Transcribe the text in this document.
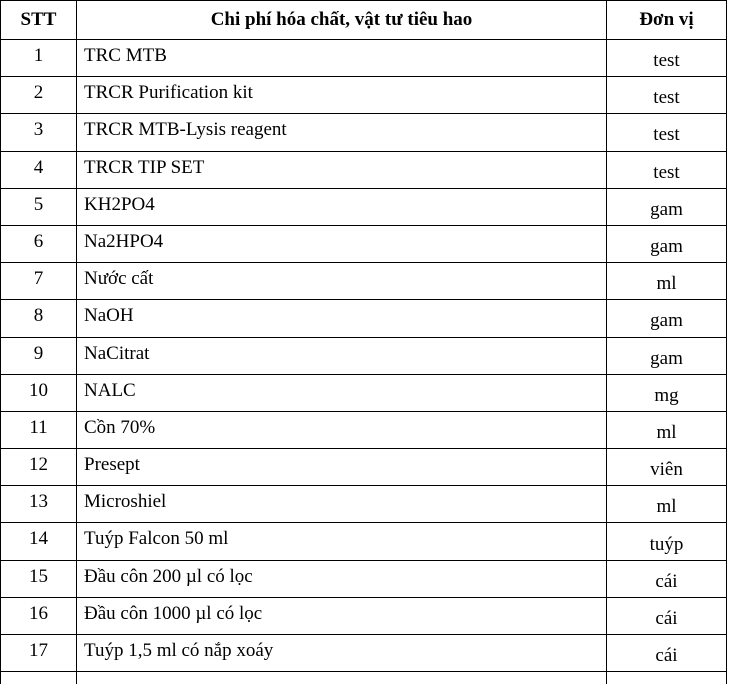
STT	Chi phí hóa chất, vật tư tiêu hao	Đơn vị
1	TRC MTB	test
2	TRCR Purification kit	test
3	TRCR MTB-Lysis reagent	test
4	TRCR TIP SET	test
5	KH2PO4	gam
6	Na2HPO4	gam
7	Nước cất	ml
8	NaOH	gam
9	NaCitrat	gam
10	NALC	mg
11	Cồn 70%	ml
12	Presept	viên
13	Microshiel	ml
14	Tuýp Falcon 50 ml	tuýp
15	Đầu côn 200 µl có lọc	cái
16	Đầu côn 1000 µl có lọc	cái
17	Tuýp 1,5 ml có nắp xoáy	cái
